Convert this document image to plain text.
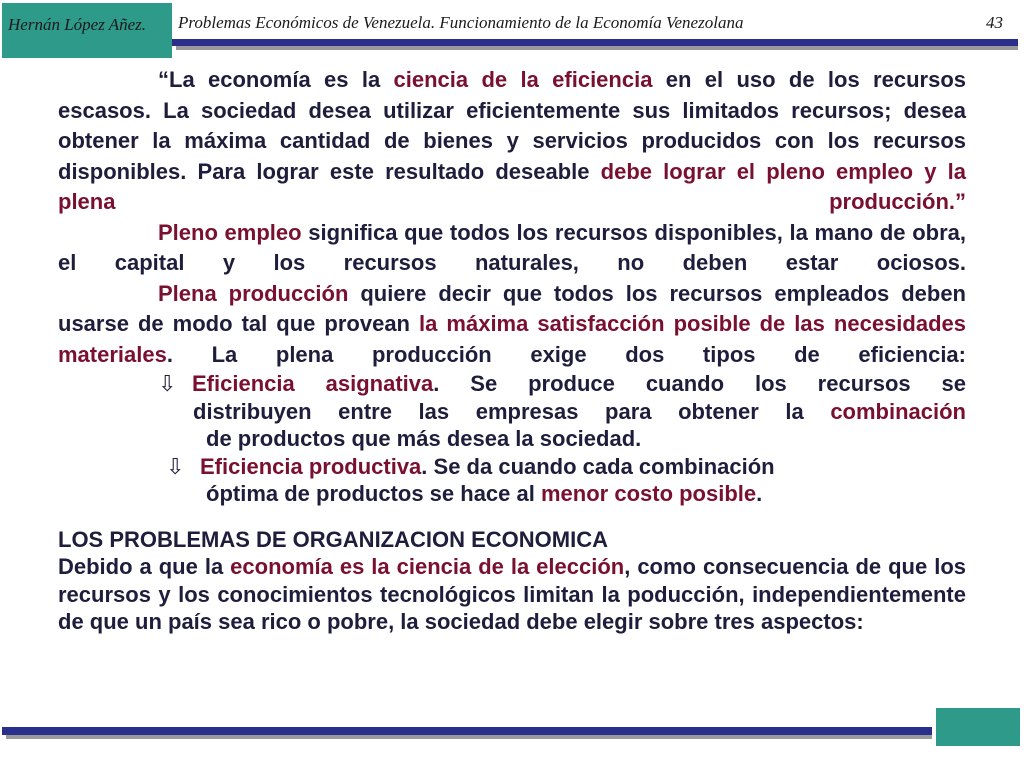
Hernán López Añez. Problemas Económicos de Venezuela. Funcionamiento de la Economía Venezolana	43

“La economía es la ciencia de la eficiencia en el uso de los recursos escasos. La sociedad desea utilizar eficientemente sus limitados recursos; desea obtener la máxima cantidad de bienes y servicios producidos con los recursos disponibles. Para lograr este resultado deseable debe lograr el pleno empleo y la plena producción.”

Pleno empleo significa que todos los recursos disponibles, la mano de obra, el capital y los recursos naturales, no deben estar ociosos.

Plena producción quiere decir que todos los recursos empleados deben usarse de modo tal que provean la máxima satisfacción posible de las necesidades materiales. La plena producción exige dos tipos de eficiencia:

⇩ Eficiencia asignativa. Se produce cuando los recursos se

distribuyen entre las empresas para obtener la combinación

de productos que más desea la sociedad.

⇩ Eficiencia productiva. Se da cuando cada combinación

óptima de productos se hace al menor costo posible.

LOS PROBLEMAS DE ORGANIZACION ECONOMICA

Debido a que la economía es la ciencia de la elección, como consecuencia de que los recursos y los conocimientos tecnológicos limitan la poducción, independientemente de que un país sea rico o pobre, la sociedad debe elegir sobre tres aspectos:
